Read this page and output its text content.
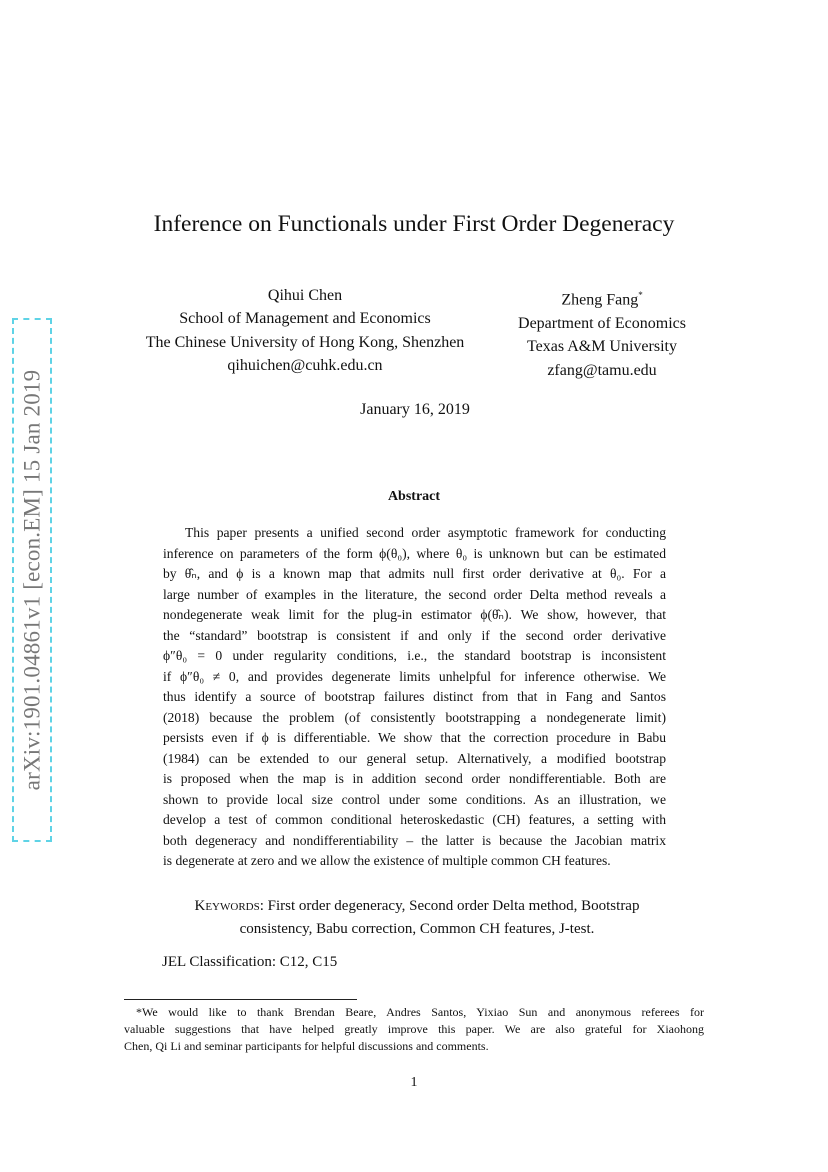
arXiv:1901.04861v1 [econ.EM] 15 Jan 2019
Inference on Functionals under First Order Degeneracy
Qihui Chen
School of Management and Economics
The Chinese University of Hong Kong, Shenzhen
qihuichen@cuhk.edu.cn
Zheng Fang*
Department of Economics
Texas A&M University
zfang@tamu.edu
January 16, 2019
Abstract
This paper presents a unified second order asymptotic framework for conducting
inference on parameters of the form ϕ(θ₀), where θ₀ is unknown but can be estimated
by θ̂ₙ, and ϕ is a known map that admits null first order derivative at θ₀. For a
large number of examples in the literature, the second order Delta method reveals a
nondegenerate weak limit for the plug-in estimator ϕ(θ̂ₙ). We show, however, that
the “standard” bootstrap is consistent if and only if the second order derivative
ϕ″θ₀ = 0 under regularity conditions, i.e., the standard bootstrap is inconsistent
if ϕ″θ₀ ≠ 0, and provides degenerate limits unhelpful for inference otherwise. We
thus identify a source of bootstrap failures distinct from that in Fang and Santos
(2018) because the problem (of consistently bootstrapping a nondegenerate limit)
persists even if ϕ is differentiable. We show that the correction procedure in Babu
(1984) can be extended to our general setup. Alternatively, a modified bootstrap
is proposed when the map is in addition second order nondifferentiable. Both are
shown to provide local size control under some conditions. As an illustration, we
develop a test of common conditional heteroskedastic (CH) features, a setting with
both degeneracy and nondifferentiability – the latter is because the Jacobian matrix
is degenerate at zero and we allow the existence of multiple common CH features.
Keywords: First order degeneracy, Second order Delta method, Bootstrap
consistency, Babu correction, Common CH features, J-test.
JEL Classification: C12, C15
*We would like to thank Brendan Beare, Andres Santos, Yixiao Sun and anonymous referees for
valuable suggestions that have helped greatly improve this paper. We are also grateful for Xiaohong
Chen, Qi Li and seminar participants for helpful discussions and comments.
1
